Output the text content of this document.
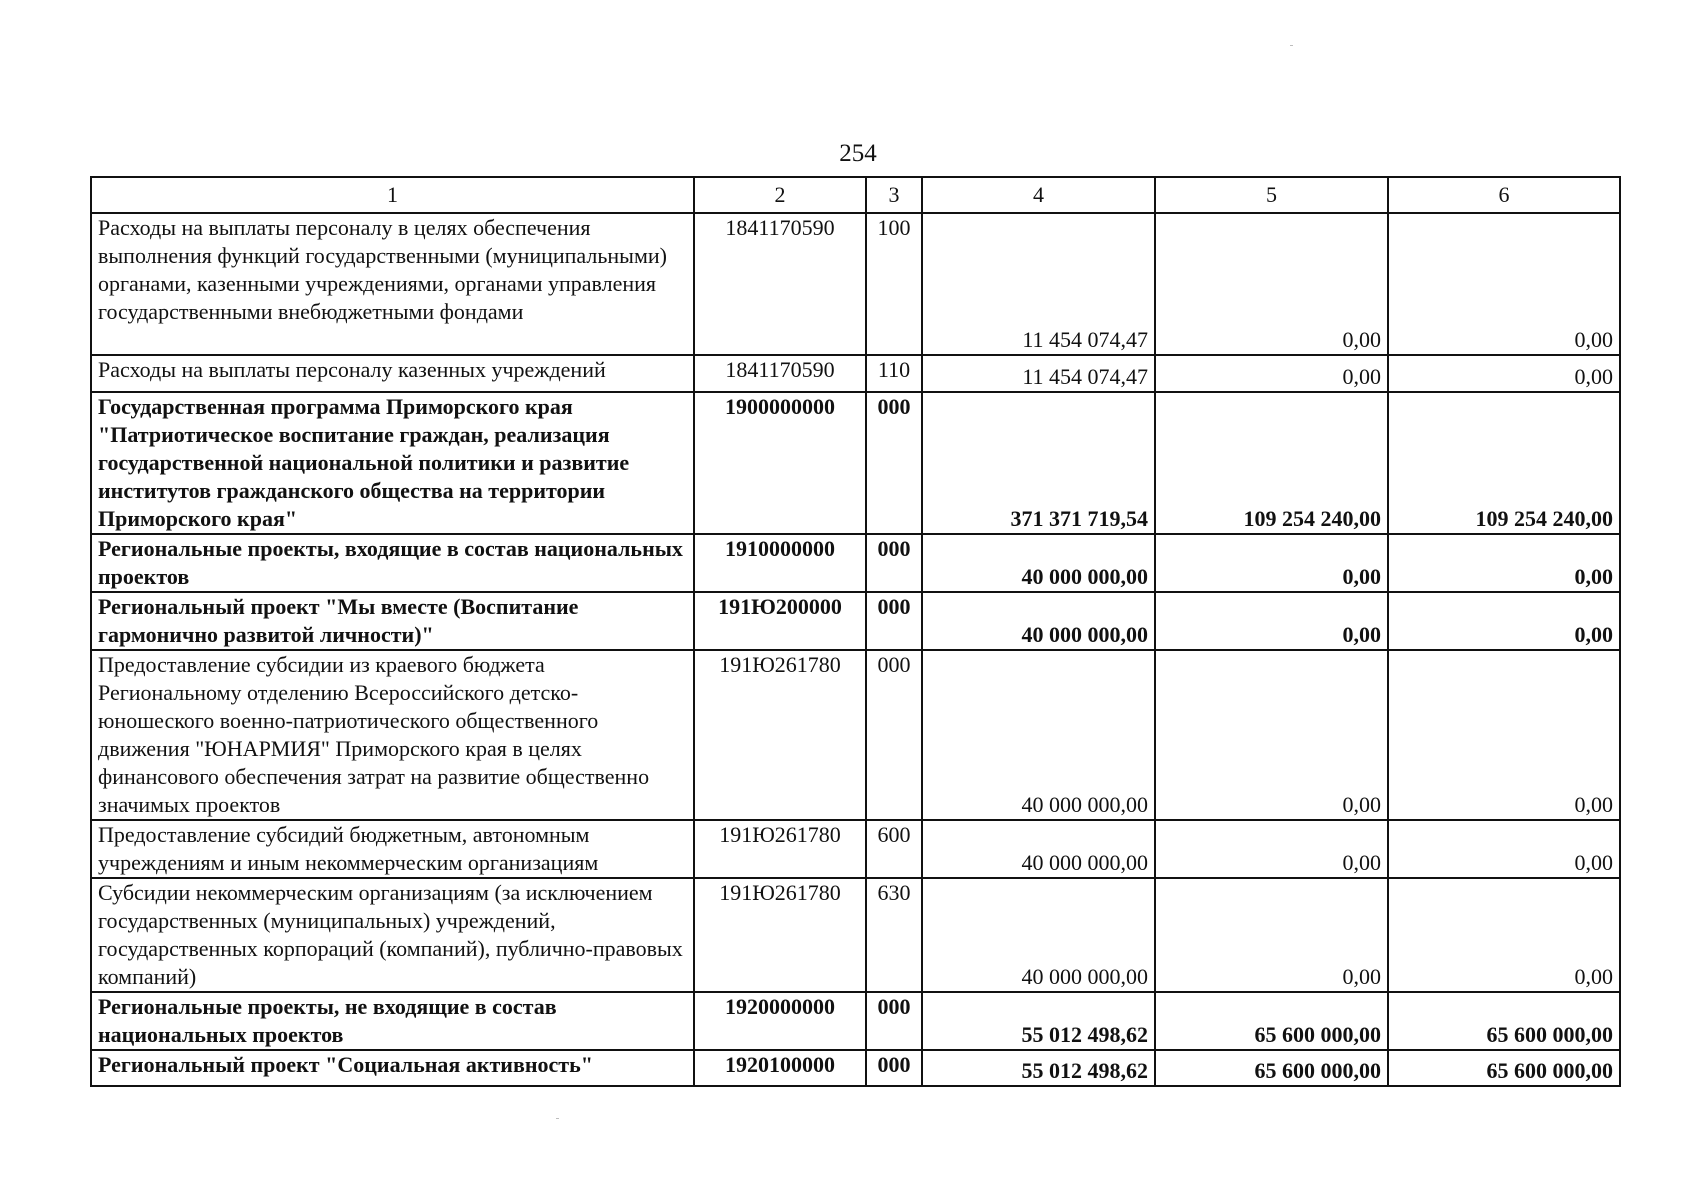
254
1	2	3	4	5	6
Расходы на выплаты персоналу в целях обеспечения выполнения функций государственными (муниципальными) органами, казенными учреждениями, органами управления государственными внебюджетными фондами	1841170590	100	11 454 074,47	0,00	0,00
Расходы на выплаты персоналу казенных учреждений	1841170590	110	11 454 074,47	0,00	0,00
Государственная программа Приморского края "Патриотическое воспитание граждан, реализация государственной национальной политики и развитие институтов гражданского общества на территории Приморского края"	1900000000	000	371 371 719,54	109 254 240,00	109 254 240,00
Региональные проекты, входящие в состав национальных проектов	1910000000	000	40 000 000,00	0,00	0,00
Региональный проект "Мы вместе (Воспитание гармонично развитой личности)"	191Ю200000	000	40 000 000,00	0,00	0,00
Предоставление субсидии из краевого бюджета Региональному отделению Всероссийского детско-юношеского военно-патриотического общественного движения "ЮНАРМИЯ" Приморского края в целях финансового обеспечения затрат на развитие общественно значимых проектов	191Ю261780	000	40 000 000,00	0,00	0,00
Предоставление субсидий бюджетным, автономным учреждениям и иным некоммерческим организациям	191Ю261780	600	40 000 000,00	0,00	0,00
Субсидии некоммерческим организациям (за исключением государственных (муниципальных) учреждений, государственных корпораций (компаний), публично-правовых компаний)	191Ю261780	630	40 000 000,00	0,00	0,00
Региональные проекты, не входящие в состав национальных проектов	1920000000	000	55 012 498,62	65 600 000,00	65 600 000,00
Региональный проект "Социальная активность"	1920100000	000	55 012 498,62	65 600 000,00	65 600 000,00
